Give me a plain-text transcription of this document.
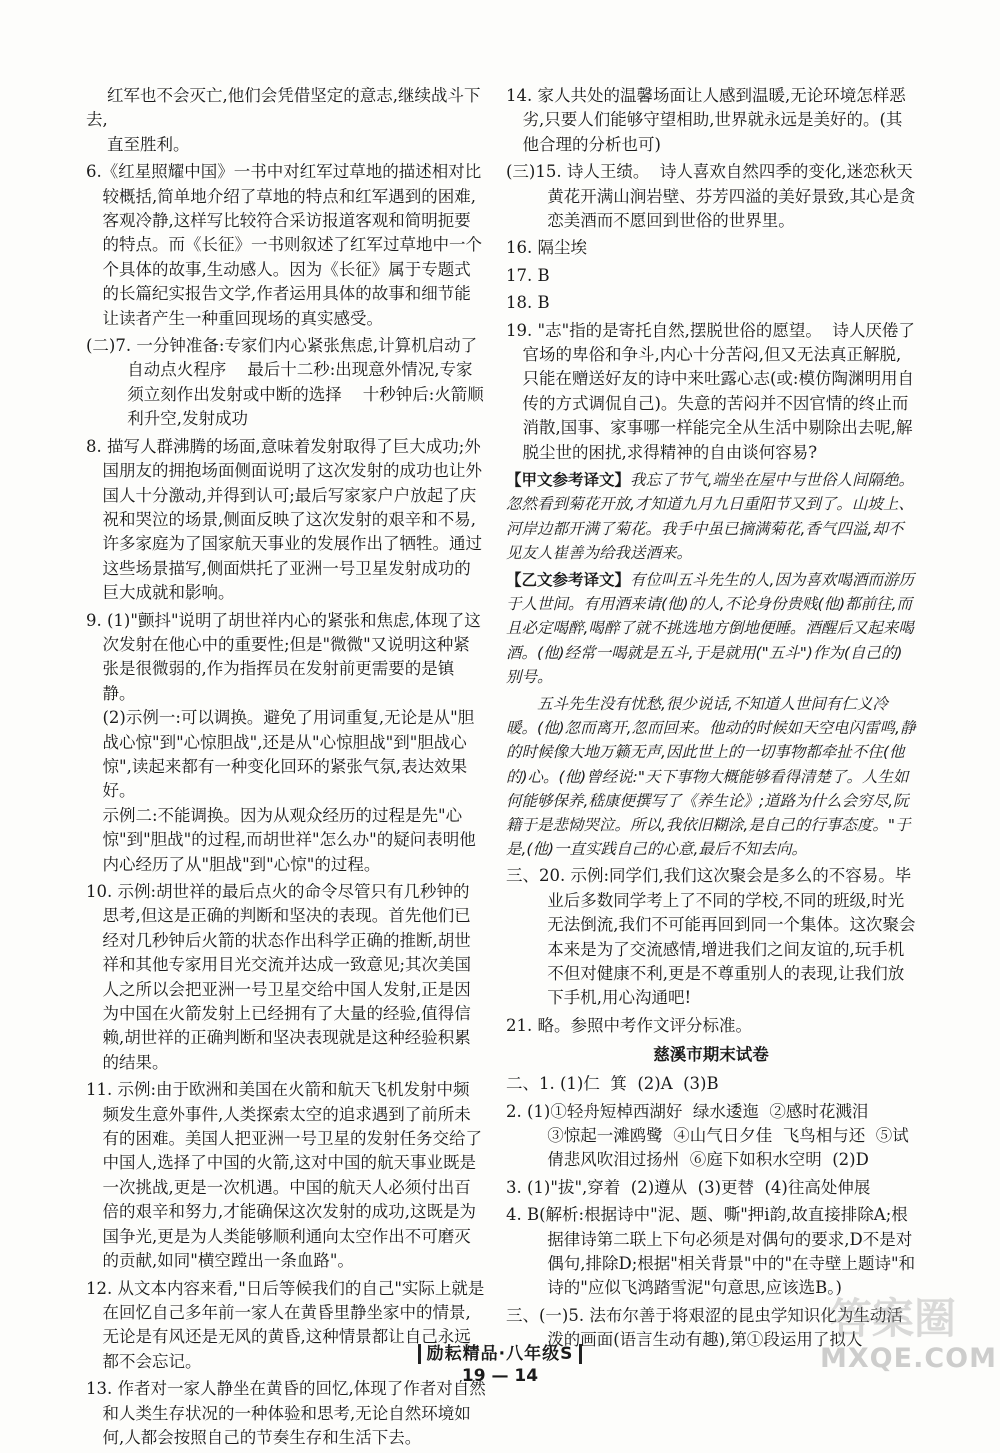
红军也不会灭亡,他们会凭借坚定的意志,继续战斗下去,
直至胜利。
6.《红星照耀中国》一书中对红军过草地的描述相对比较概括,简单地介绍了草地的特点和红军遇到的困难,客观冷静,这样写比较符合采访报道客观和简明扼要的特点。而《长征》一书则叙述了红军过草地中一个个具体的故事,生动感人。因为《长征》属于专题式的长篇纪实报告文学,作者运用具体的故事和细节能让读者产生一种重回现场的真实感受。
(二)7. 一分钟准备:专家们内心紧张焦虑,计算机启动了自动点火程序    最后十二秒:出现意外情况,专家须立刻作出发射或中断的选择    十秒钟后:火箭顺利升空,发射成功
8. 描写人群沸腾的场面,意味着发射取得了巨大成功;外国朋友的拥抱场面侧面说明了这次发射的成功也让外国人十分激动,并得到认可;最后写家家户户放起了庆祝和哭泣的场景,侧面反映了这次发射的艰辛和不易,许多家庭为了国家航天事业的发展作出了牺牲。通过这些场景描写,侧面烘托了亚洲一号卫星发射成功的巨大成就和影响。
9. (1)"颤抖"说明了胡世祥内心的紧张和焦虑,体现了这次发射在他心中的重要性;但是"微微"又说明这种紧张是很微弱的,作为指挥员在发射前更需要的是镇静。
(2)示例一:可以调换。避免了用词重复,无论是从"胆战心惊"到"心惊胆战",还是从"心惊胆战"到"胆战心惊",读起来都有一种变化回环的紧张气氛,表达效果好。
示例二:不能调换。因为从观众经历的过程是先"心惊"到"胆战"的过程,而胡世祥"怎么办"的疑问表明他内心经历了从"胆战"到"心惊"的过程。
10. 示例:胡世祥的最后点火的命令尽管只有几秒钟的思考,但这是正确的判断和坚决的表现。首先他们已经对几秒钟后火箭的状态作出科学正确的推断,胡世祥和其他专家用目光交流并达成一致意见;其次美国人之所以会把亚洲一号卫星交给中国人发射,正是因为中国在火箭发射上已经拥有了大量的经验,值得信赖,胡世祥的正确判断和坚决表现就是这种经验积累的结果。
11. 示例:由于欧洲和美国在火箭和航天飞机发射中频频发生意外事件,人类探索太空的追求遇到了前所未有的困难。美国人把亚洲一号卫星的发射任务交给了中国人,选择了中国的火箭,这对中国的航天事业既是一次挑战,更是一次机遇。中国的航天人必须付出百倍的艰辛和努力,才能确保这次发射的成功,这既是为国争光,更是为人类能够顺利通向太空作出不可磨灭的贡献,如同"横空蹚出一条血路"。
12. 从文本内容来看,"日后等候我们的自己"实际上就是在回忆自己多年前一家人在黄昏里静坐家中的情景,无论是有风还是无风的黄昏,这种情景都让自己永远都不会忘记。
13. 作者对一家人静坐在黄昏的回忆,体现了作者对自然和人类生存状况的一种体验和思考,无论自然环境如何,人都会按照自己的节奏生存和生活下去。
14. 家人共处的温馨场面让人感到温暖,无论环境怎样恶劣,只要人们能够守望相助,世界就永远是美好的。(其他合理的分析也可)
(三)15. 诗人王绩。  诗人喜欢自然四季的变化,迷恋秋天黄花开满山涧岩壁、芬芳四溢的美好景致,其心是贪恋美酒而不愿回到世俗的世界里。
16. 隔尘埃
17. B
18. B
19. "志"指的是寄托自然,摆脱世俗的愿望。  诗人厌倦了官场的卑俗和争斗,内心十分苦闷,但又无法真正解脱,只能在赠送好友的诗中来吐露心志(或:模仿陶渊明用自传的方式调侃自己)。失意的苦闷并不因官情的终止而消散,国事、家事哪一样能完全从生活中剔除出去呢,解脱尘世的困扰,求得精神的自由谈何容易?
【甲文参考译文】我忘了节气,端坐在屋中与世俗人间隔绝。忽然看到菊花开放,才知道九月九日重阳节又到了。山坡上、河岸边都开满了菊花。我手中虽已摘满菊花,香气四溢,却不见友人崔善为给我送酒来。
【乙文参考译文】有位叫五斗先生的人,因为喜欢喝酒而游历于人世间。有用酒来请(他)的人,不论身份贵贱(他)都前往,而且必定喝醉,喝醉了就不挑选地方倒地便睡。酒醒后又起来喝酒。(他)经常一喝就是五斗,于是就用("五斗")作为(自己的)别号。
五斗先生没有忧愁,很少说话,不知道人世间有仁义冷暖。(他)忽而离开,忽而回来。他动的时候如天空电闪雷鸣,静的时候像大地万籁无声,因此世上的一切事物都牵扯不住(他的)心。(他)曾经说:"天下事物大概能够看得清楚了。人生如何能够保养,嵇康便撰写了《养生论》;道路为什么会穷尽,阮籍于是悲恸哭泣。所以,我依旧糊涂,是自己的行事态度。"于是,(他)一直实践自己的心意,最后不知去向。
三、20. 示例:同学们,我们这次聚会是多么的不容易。毕业后多数同学考上了不同的学校,不同的班级,时光无法倒流,我们不可能再回到同一个集体。这次聚会本来是为了交流感情,增进我们之间友谊的,玩手机不但对健康不利,更是不尊重别人的表现,让我们放下手机,用心沟通吧!
21. 略。参照中考作文评分标准。
慈溪市期末试卷
二、1. (1)仁  箕  (2)A  (3)B
2. (1)①轻舟短棹西湖好  绿水逶迤  ②感时花溅泪
③惊起一滩鸥鹭  ④山气日夕佳  飞鸟相与还  ⑤试倩悲风吹泪过扬州  ⑥庭下如积水空明  (2)D
3. (1)"拔",穿着  (2)遵从  (3)更替  (4)往高处伸展
4. B(解析:根据诗中"泥、题、嘶"押i韵,故直接排除A;根据律诗第二联上下句必须是对偶句的要求,D不是对偶句,排除D;根据"相关背景"中的"在寺壁上题诗"和诗的"应似飞鸿踏雪泥"句意思,应该选B。)
三、(一)5. 法布尔善于将艰涩的昆虫学知识化为生动活泼的画面(语言生动有趣),第①段运用了拟人
励耘精品·八年级S
19 — 14
答案圈
MXQE.COM
